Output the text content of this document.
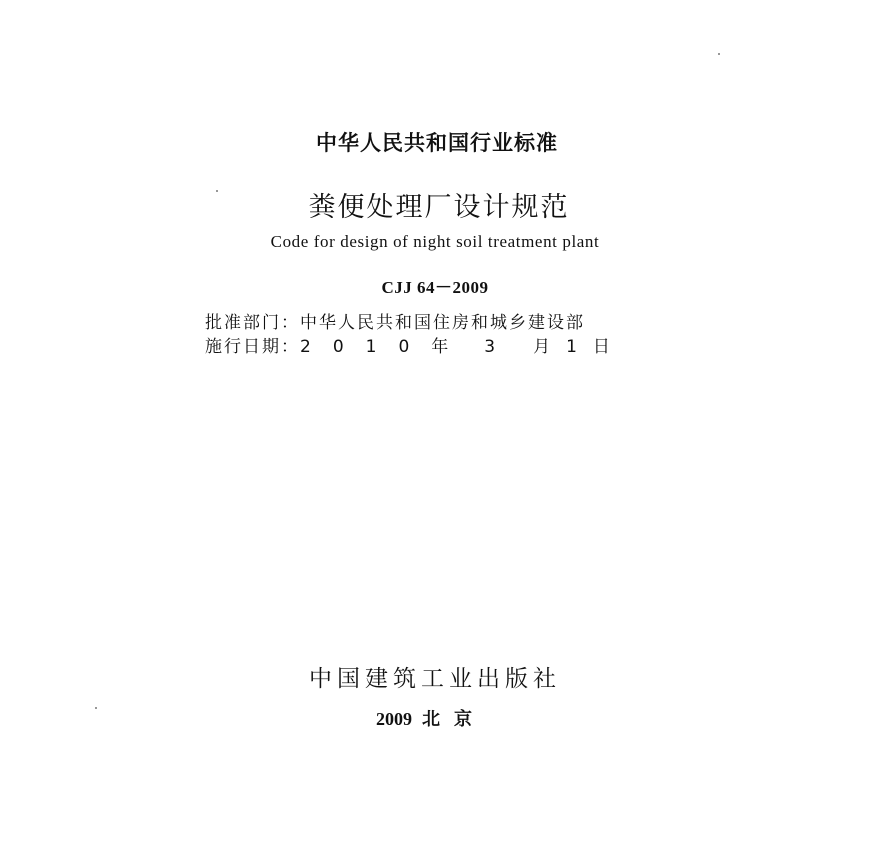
中华人民共和国行业标准
粪便处理厂设计规范
Code for design of night soil treatment plant
CJJ 64－2009
批准部门：中华人民共和国住房和城乡建设部
施行日期：2010年 3 月 1 日
中国建筑工业出版社
2009 北京
